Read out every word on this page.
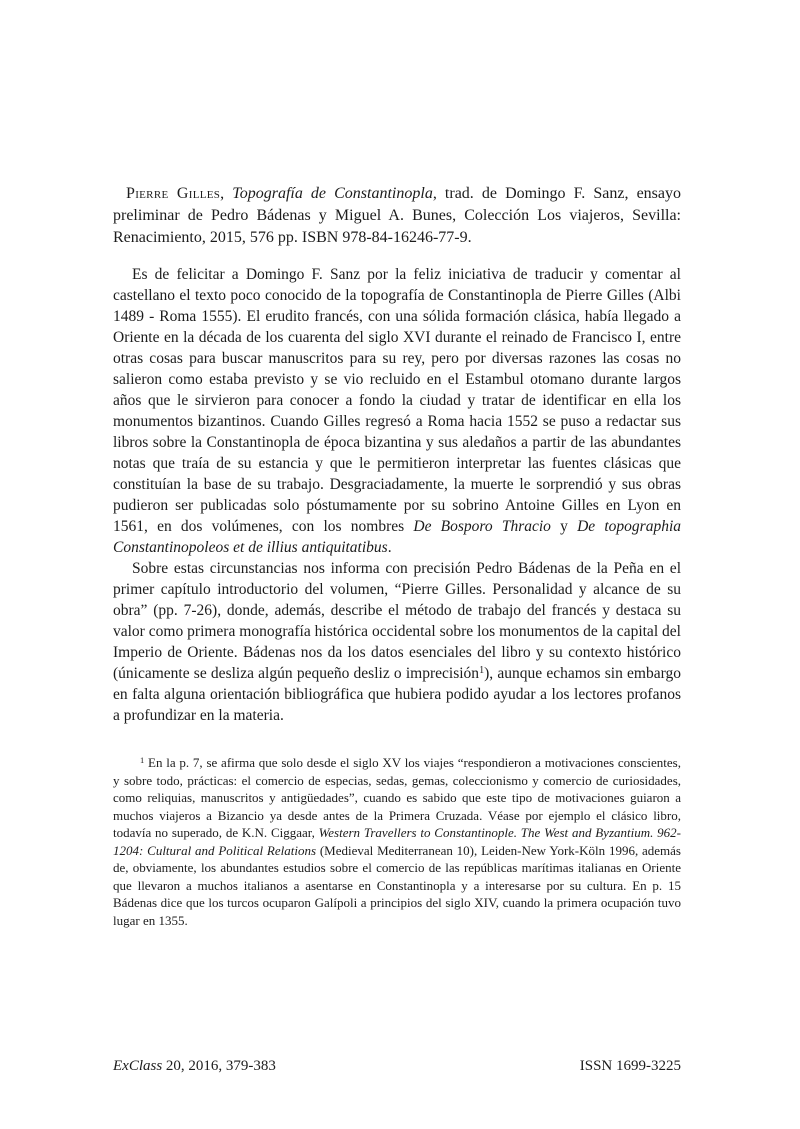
Pierre Gilles, Topografía de Constantinopla, trad. de Domingo F. Sanz, ensayo preliminar de Pedro Bádenas y Miguel A. Bunes, Colección Los viajeros, Sevilla: Renacimiento, 2015, 576 pp. ISBN 978-84-16246-77-9.

Es de felicitar a Domingo F. Sanz por la feliz iniciativa de traducir y comentar al castellano el texto poco conocido de la topografía de Constantinopla de Pierre Gilles (Albi 1489 - Roma 1555). El erudito francés, con una sólida formación clásica, había llegado a Oriente en la década de los cuarenta del siglo XVI durante el reinado de Francisco I, entre otras cosas para buscar manuscritos para su rey, pero por diversas razones las cosas no salieron como estaba previsto y se vio recluido en el Estambul otomano durante largos años que le sirvieron para conocer a fondo la ciudad y tratar de identificar en ella los monumentos bizantinos. Cuando Gilles regresó a Roma hacia 1552 se puso a redactar sus libros sobre la Constantinopla de época bizantina y sus aledaños a partir de las abundantes notas que traía de su estancia y que le permitieron interpretar las fuentes clásicas que constituían la base de su trabajo. Desgraciadamente, la muerte le sorprendió y sus obras pudieron ser publicadas solo póstumamente por su sobrino Antoine Gilles en Lyon en 1561, en dos volúmenes, con los nombres De Bosporo Thracio y De topographia Constantinopoleos et de illius antiquitatibus.

Sobre estas circunstancias nos informa con precisión Pedro Bádenas de la Peña en el primer capítulo introductorio del volumen, “Pierre Gilles. Personalidad y alcance de su obra” (pp. 7-26), donde, además, describe el método de trabajo del francés y destaca su valor como primera monografía histórica occidental sobre los monumentos de la capital del Imperio de Oriente. Bádenas nos da los datos esenciales del libro y su contexto histórico (únicamente se desliza algún pequeño desliz o imprecisión$^1$), aunque echamos sin embargo en falta alguna orientación bibliográfica que hubiera podido ayudar a los lectores profanos a profundizar en la materia.

$^1$ En la p. 7, se afirma que solo desde el siglo XV los viajes “respondieron a motivaciones conscientes, y sobre todo, prácticas: el comercio de especias, sedas, gemas, coleccionismo y comercio de curiosidades, como reliquias, manuscritos y antigüedades”, cuando es sabido que este tipo de motivaciones guiaron a muchos viajeros a Bizancio ya desde antes de la Primera Cruzada. Véase por ejemplo el clásico libro, todavía no superado, de K.N. Ciggaar, Western Travellers to Constantinople. The West and Byzantium. 962-1204: Cultural and Political Relations (Medieval Mediterranean 10), Leiden-New York-Köln 1996, además de, obviamente, los abundantes estudios sobre el comercio de las repúblicas marítimas italianas en Oriente que llevaron a muchos italianos a asentarse en Constantinopla y a interesarse por su cultura. En p. 15 Bádenas dice que los turcos ocuparon Galípoli a principios del siglo XIV, cuando la primera ocupación tuvo lugar en 1355.
ExClass 20, 2016, 379-383	ISSN 1699-3225
